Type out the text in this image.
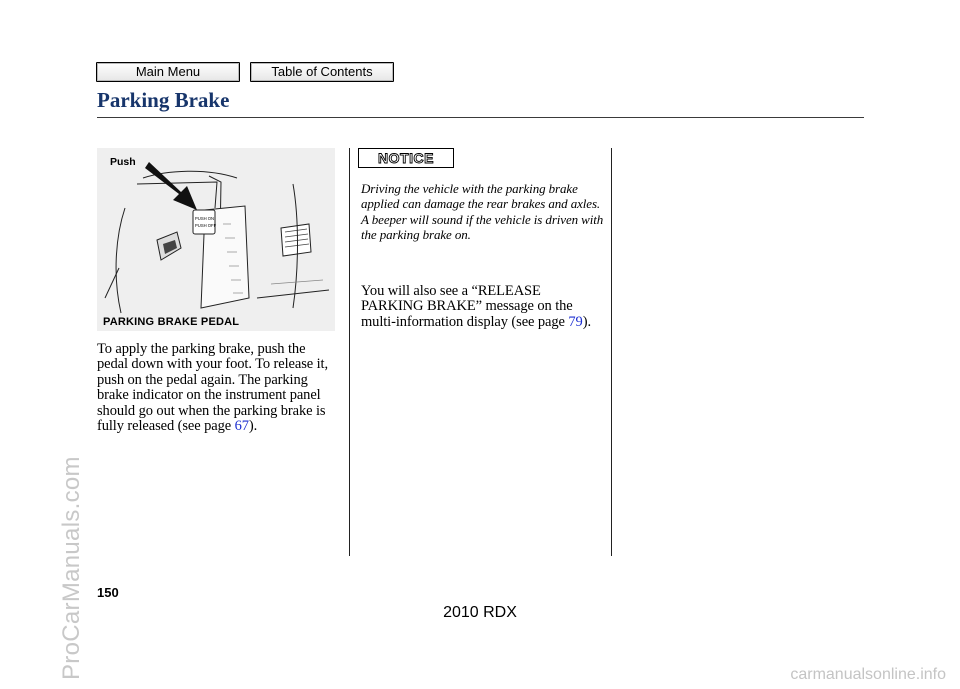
Main Menu	Table of Contents
ProCarManuals.com
Parking Brake
PUSH ON
PUSH OFF
Push
PARKING BRAKE PEDAL
To apply the parking brake, push the pedal down with your foot. To release it, push on the pedal again. The parking brake indicator on the instrument panel should go out when the parking brake is fully released (see page 67).
NOTICE
Driving the vehicle with the parking brake applied can damage the rear brakes and axles. A beeper will sound if the vehicle is driven with the parking brake on.
You will also see a “RELEASE PARKING BRAKE” message on the multi-information display (see page 79).
150
2010 RDX
carmanualsonline.info
